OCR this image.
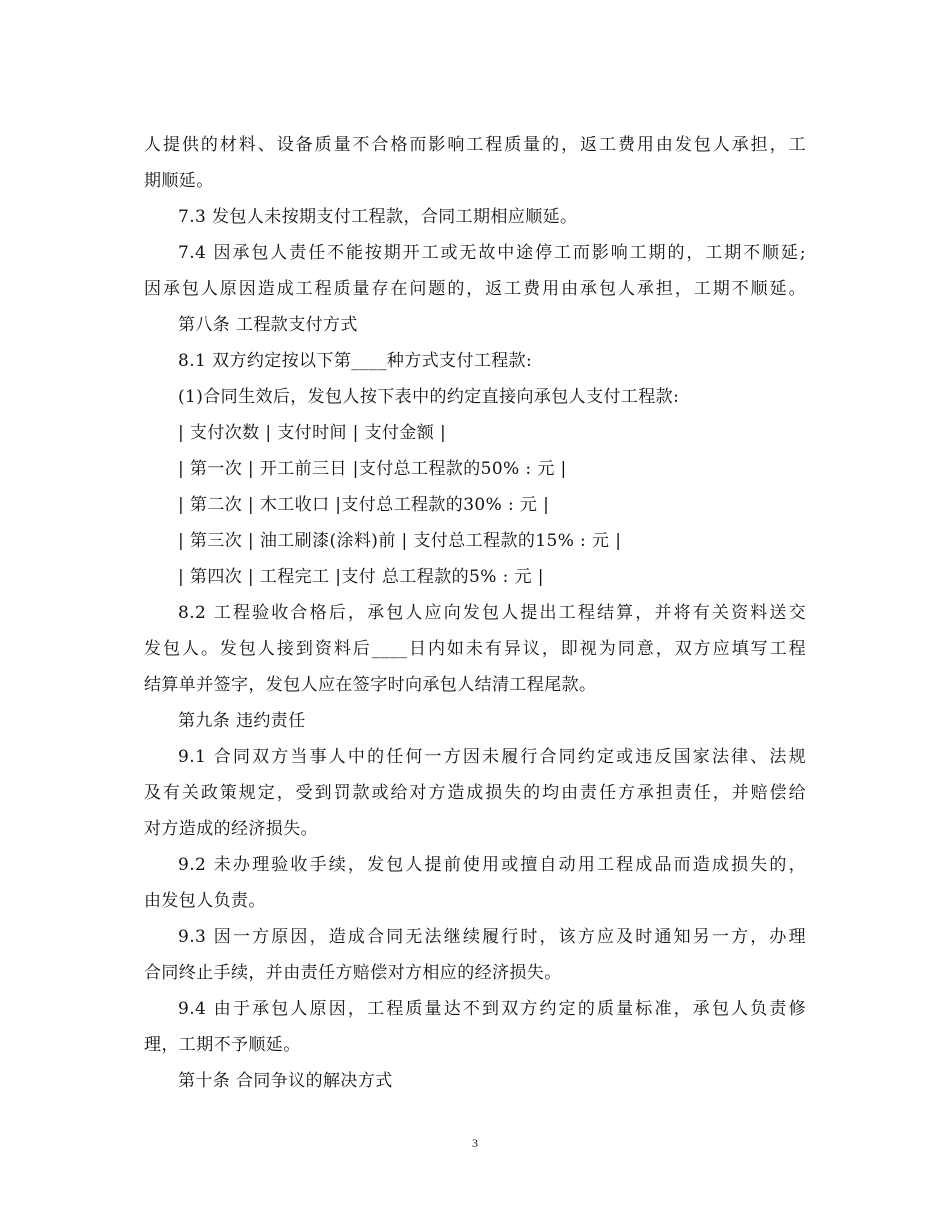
人提供的材料、设备质量不合格而影响工程质量的，返工费用由发包人承担，工
期顺延。
7.3 发包人未按期支付工程款，合同工期相应顺延。
7.4 因承包人责任不能按期开工或无故中途停工而影响工期的，工期不顺延;
因承包人原因造成工程质量存在问题的，返工费用由承包人承担，工期不顺延。
第八条 工程款支付方式
8.1 双方约定按以下第____种方式支付工程款:
(1)合同生效后，发包人按下表中的约定直接向承包人支付工程款:
| 支付次数 | 支付时间 | 支付金额 |
| 第一次 | 开工前三日 |支付总工程款的50% : 元 |
| 第二次 | 木工收口 |支付总工程款的30% : 元 |
| 第三次 | 油工刷漆(涂料)前 | 支付总工程款的15% : 元 |
| 第四次 | 工程完工 |支付 总工程款的5% : 元 |
8.2 工程验收合格后，承包人应向发包人提出工程结算，并将有关资料送交
发包人。发包人接到资料后____日内如未有异议，即视为同意，双方应填写工程
结算单并签字，发包人应在签字时向承包人结清工程尾款。
第九条 违约责任
9.1 合同双方当事人中的任何一方因未履行合同约定或违反国家法律、法规
及有关政策规定，受到罚款或给对方造成损失的均由责任方承担责任，并赔偿给
对方造成的经济损失。
9.2 未办理验收手续，发包人提前使用或擅自动用工程成品而造成损失的，
由发包人负责。
9.3 因一方原因，造成合同无法继续履行时，该方应及时通知另一方，办理
合同终止手续，并由责任方赔偿对方相应的经济损失。
9.4 由于承包人原因，工程质量达不到双方约定的质量标准，承包人负责修
理，工期不予顺延。
第十条 合同争议的解决方式
3
